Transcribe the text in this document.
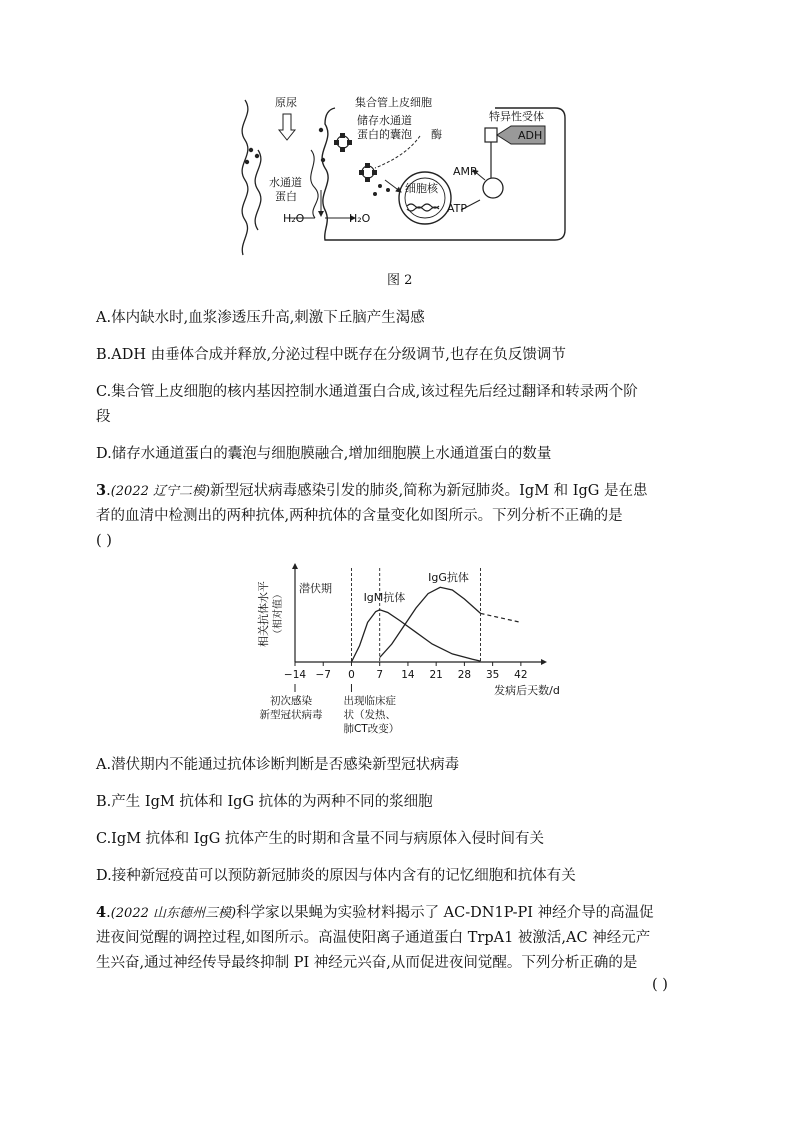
原尿	集合管上皮细胞
储存水通道
蛋白的囊泡 酶
特异性受体
ADH
AMP
ATP
细胞核
水通道
蛋白
H₂O	H₂O
图 2
A.体内缺水时,血浆渗透压升高,刺激下丘脑产生渴感
B.ADH 由垂体合成并释放,分泌过程中既存在分级调节,也存在负反馈调节
C.集合管上皮细胞的核内基因控制水通道蛋白合成,该过程先后经过翻译和转录两个阶
段
D.储存水通道蛋白的囊泡与细胞膜融合,增加细胞膜上水通道蛋白的数量
3.(2022 辽宁二模)新型冠状病毒感染引发的肺炎,简称为新冠肺炎。IgM 和 IgG 是在患
者的血清中检测出的两种抗体,两种抗体的含量变化如图所示。下列分析不正确的是
( )
相关抗体水平 （相对值）
−14 −7 0 7 14 21 28 35 42
发病后天数/d
IgM抗体
IgG抗体
潜伏期
初次感染
新型冠状病毒
出现临床症
状（发热、
肺CT改变）
A.潜伏期内不能通过抗体诊断判断是否感染新型冠状病毒
B.产生 IgM 抗体和 IgG 抗体的为两种不同的浆细胞
C.IgM 抗体和 IgG 抗体产生的时期和含量不同与病原体入侵时间有关
D.接种新冠疫苗可以预防新冠肺炎的原因与体内含有的记忆细胞和抗体有关
4.(2022 山东德州三模)科学家以果蝇为实验材料揭示了 AC-DN1P-PI 神经介导的高温促
进夜间觉醒的调控过程,如图所示。高温使阳离子通道蛋白 TrpA1 被激活,AC 神经元产
生兴奋,通过神经传导最终抑制 PI 神经元兴奋,从而促进夜间觉醒。下列分析正确的是
( )
